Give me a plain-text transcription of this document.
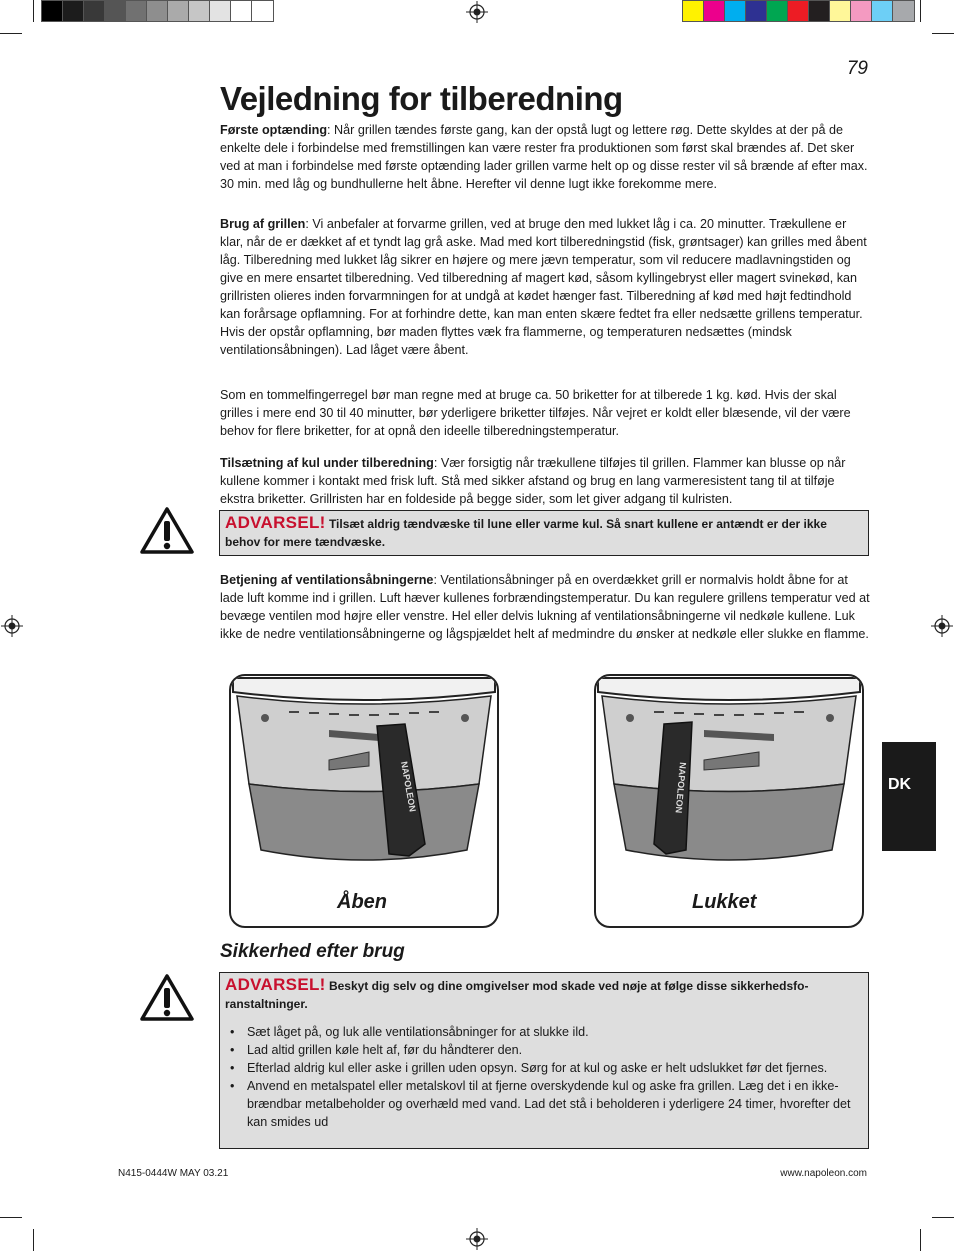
79
Vejledning for tilberedning

Første optænding: Når grillen tændes første gang, kan der opstå lugt og lettere røg. Dette skyldes at der på de enkelte dele i forbindelse med fremstillingen kan være rester fra produktionen som først skal brændes af. Det sker ved at man i forbindelse med første optænding lader grillen varme helt op og disse rester vil så brænde af efter max. 30 min. med låg og bundhullerne helt åbne. Herefter vil denne lugt ikke forekomme mere.

Brug af grillen: Vi anbefaler at forvarme grillen, ved at bruge den med lukket låg i ca. 20 minutter. Trækullene er klar, når de er dækket af et tyndt lag grå aske. Mad med kort tilberedningstid (fisk, grøntsager) kan grilles med åbent låg. Tilberedning med lukket låg sikrer en højere og mere jævn temperatur, som vil reducere madlavningstiden og give en mere ensartet tilberedning. Ved tilberedning af magert kød, såsom kyllingebryst eller magert svinekød, kan grillristen olieres inden forvarmningen for at undgå at kødet hænger fast. Tilberedning af kød med højt fedtindhold kan forårsage opflamning. For at forhindre dette, kan man enten skære fedtet fra eller nedsætte grillens temperatur. Hvis der opstår opflamning, bør maden flyttes væk fra flammerne, og temperaturen nedsættes (mindsk ventilationsåbningen). Lad låget være åbent.

Som en tommelfingerregel bør man regne med at bruge ca. 50 briketter for at tilberede 1 kg. kød. Hvis der skal grilles i mere end 30 til 40 minutter, bør yderligere briketter tilføjes. Når vejret er koldt eller blæsende, vil der være behov for flere briketter, for at opnå den ideelle tilberedningstemperatur.

Tilsætning af kul under tilberedning: Vær forsigtig når trækullene tilføjes til grillen. Flammer kan blusse op når kullene kommer i kontakt med frisk luft. Stå med sikker afstand og brug en lang varmeresistent tang til at tilføje ekstra briketter. Grillristen har en foldeside på begge sider, som let giver adgang til kulristen.

ADVARSEL! Tilsæt aldrig tændvæske til lune eller varme kul. Så snart kullene er antændt er der ikke behov for mere tændvæske.

Betjening af ventilationsåbningerne: Ventilationsåbninger på en overdækket grill er normalvis holdt åbne for at lade luft komme ind i grillen. Luft hæver kullenes forbrændingstemperatur. Du kan regulere grillens temperatur ved at bevæge ventilen mod højre eller venstre. Hel eller delvis lukning af ventilationsåbningerne vil nedkøle kullene. Luk ikke de nedre ventilationsåbningerne og lågspjældet helt af medmindre du ønsker at nedkøle eller slukke en flamme.

NAPOLEON
Åben
NAPOLEON
Lukket
DK
Sikkerhed efter brug
ADVARSEL! Beskyt dig selv og dine omgivelser mod skade ved nøje at følge disse sikkerhedsfo-ranstaltninger.
• Sæt låget på, og luk alle ventilationsåbninger for at slukke ild.
• Lad altid grillen køle helt af, før du håndterer den.
• Efterlad aldrig kul eller aske i grillen uden opsyn. Sørg for at kul og aske er helt udslukket før det fjernes.
• Anvend en metalspatel eller metalskovl til at fjerne overskydende kul og aske fra grillen. Læg det i en ikke-brændbar metalbeholder og overhæld med vand. Lad det stå i beholderen i yderligere 24 timer, hvorefter det kan smides ud
N415-0444W MAY 03.21	www.napoleon.com
